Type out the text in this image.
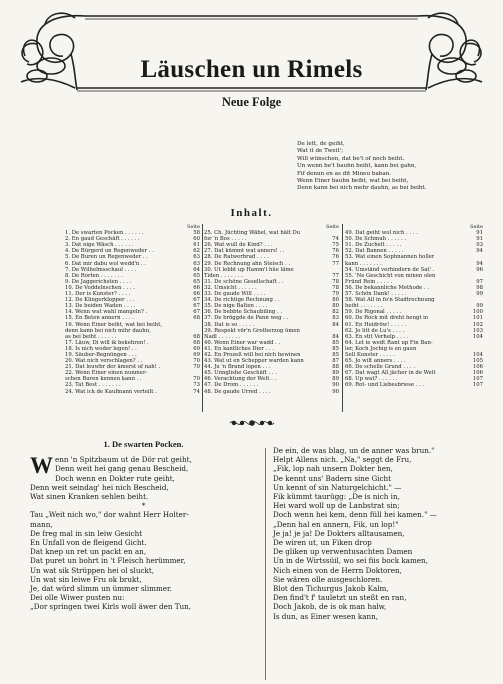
Läuschen un Rimels
Neue Folge
De lett, de geiht,
Wat it de Tweit';
Will wünschen, dat be't of noch beiht.
Un wenn be't bauhn beiht, kann bei gahn,
Fif denun en as dit Mineu baban.
Wenn Einer bauhn beiht, wat bei beiht,
Denn kann bei nich mehr dauhn, as bei beiht.
Inhalt.
Seite
1. De swarten Pocken . . . . . .	58
2. En gaud Geschäft . . . . . .	60
3. Dat nige Wäsch . . . . . .	61
4. De Bürgerd un Regenweder . .	62
5. De Buren un Regenweder . .	63
6. Dat mir dabu wol wedd'n . .	63
7. De Wilhelmsschaul . . . .	64
8. De Rorten . . . . . . .	65
9. De Jaggerichsten . . . .	65
10. De Voddelnschen . . . .	66
11. Der is Kunster? . . . .	66
12. De Klingerklopper . . .	67
13. De beiden Waden . . . .	67
14. Wenn wat wahl mangeln? .	67
15. En Beten annern . . . .	68
16. Wenn Einer beiht, wat bei beiht,
denn kann bei nich mihr dauhn,
as bei beiht . . . . . .	68
17. Läuw, Di will ik bekehren! .	68
18. Is nich woder legen! . .	69
19. Säuber-Begnüngen . . .	69
20. Wat nich verschlagen? . .	70
21. Dat leuwbr der ämerst of nah! .	70
22. Wenn Einer einen nunmer-
schen Buren kennen kann . .	70
23. Tat Best . . . . . . .	73
24. Wat ick de Kaufmann verteilt .	74
Seite
25. Ch. Jüchting Wäbel, wat hält Du
for 'n Bos . . . . .	74
26. Wat wull de Kind? . . .	75
27. Dat kümmt wat anners! . .	76
28. De Ratwerbrad . . . .	76
29. De Rechnung ahn Steisch . .	77
30. Ut lebbt up Hamm'l hüe läme
Tiden . . . . . . .	77
31. De schöne Gesellschaft . .	78
32. Umsicht . . . . . .	78
33. De gaude Will . . . .	79
34. De richtige Rechnung . .	80
35. De nige Balten . . . .	80
36. De bebbte Schaubiling . .	82
37. De bröggde de Pann weg . .	83
38. Dat is so . . . . .	84
39. Respekt vör'n Grotherzog ümen
Nadl . . . . . . .	84
40. Wenn Einer war wadd . .	85
41. En kantliches Dier . . .	85
42. En Prozeß will bei nich bewinen	85
43. Wat ut en Schepper warden kann	87
44. Ju 'n Brand lopen . . .	88
45. Unnglishe Geschäft . . .	89
46. Verachtung der Welt . .	89
47. De Drom . . . . . .	90
48. De gaude Urred . . . .	90
Seite
49. Dat geiht wol nich . . . .	91
50. De Schmuh . . . . . .	91
51. De Zuchelt . . . . .	93
52. Dat Bannen . . . . .	94
53. Wat einen Sophnannen holler
kann . . . . . . .	94
54. Umständ verhindern de Sat' .	96
55. 'Ne Geschicht von minen olen
Fründ Rein . . . . .	97
56. De bekannliche Methode . .	98
57. Schön Dank! . . . . .	99
58. Wat All in fo'n Stadtrechnung
heiht . . . . . . .	99
59. De Rigonal . . . . .	100
60. De Rock mit dreht hengt in	101
61. En Heidröw! . . . . .	102
62. Jo litt de Lu's . . . .	103
63. En stit Verhelp . . . .	104
64. Let ie wedt Rant up Fin Ban-
ler, Koch Jochig is en gaun
Sell Kunster . . . . .	104
65. Jo wilt anners . . . .	105
66. De schelle Grund . . . .	106
67. Dat wagt All jächer in de Welt	106
68. Up wat? . . . . . .	107
69. Rot- und Liebesbriese . . .	107
1. De swarten Pocken.
W enn 'n Spitzbaum ut de Dör rut geiht,
Denn weit hei gang genau Bescheid,
Doch wenn en Dokter rute geiht,
Denn weit seindag' hei nich Bescheid,
Wat sinen Kranken sehlen beiht.
*
Tau „Weit nich wo," dor wahnt Herr Holter-
mann,
De freg mal in sin leiw Gesicht
En Unfall von de fleigend Gicht.
Dat knep un ret un packt en an,
Dat puret un bohrt in 't Fleisch herümmer,
Un wat sik Strüppen hei ol sluckt,
Un wat sin leiwe Fru ok brukt,
Je, dat würd slimm un ümmer slimmer.
Dei olle Wiwer pusten nu:
„Dor springen twei Kirls woll äwer den Tun,
De ein, de was blag, un de anner was brun."
Helpt Allens nich. „Na," seggt de Fru,
„Fik, lop nah unsern Dokter hen,
De kennt uns' Badern sine Gicht
Un kennt of sin Naturgelchicht." —
Fik kümmt taurügg: „De is nich in,
Hei ward woll up de Lanbstrat sin;
Doch wenn hei kem, denn füll hei kamen." —
„Denn hal en annern, Fik, un lop!"
Je ja! je ja! De Dokters alltausamen,
De wiren ut, un Fiken drop
De gliken up verwentusachten Damen
Un in de Wirtssüil, wo sei fiis bock kamen,
Nich einen von de Herrn Doktoren,
Sie wären olle ausgeschloren.
Blot den Tichurgus Jakob Kalm,
Den find't f' tauletzt un steßt en ran,
Doch Jakob, de is ok man halw,
Is dun, as Einer wesen kann,
